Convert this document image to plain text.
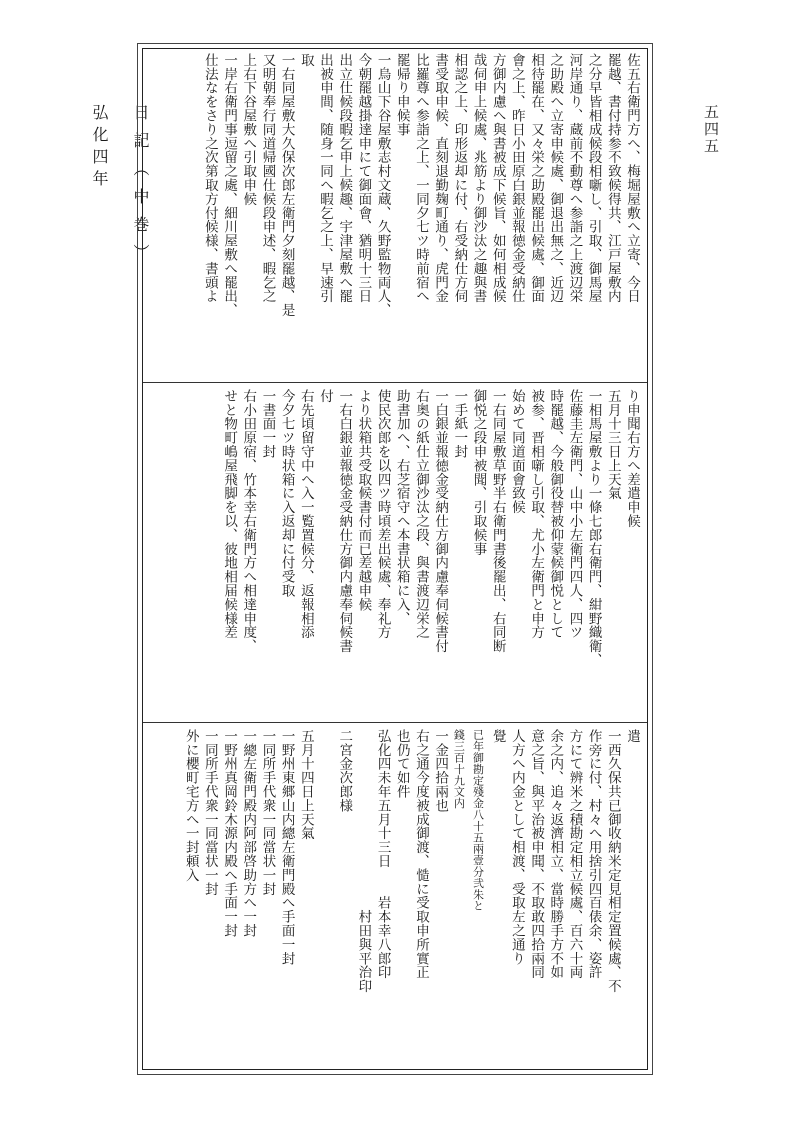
日記（中巻）
弘化四年	五四五
佐五右衛門方へ、梅堀屋敷へ立寄、今日
罷越、書付持参不致候得共、江戸屋敷内
之分早皆相成候段相噺し、引取、御馬屋
河岸通り、蔵前不動尊へ参詣之上渡辺栄
之助殿へ立寄申候處、御退出無之、近辺
相待罷在、又々栄之助殿罷出候處、御面
會之上、昨日小田原白銀並報徳金受納仕
方御内慮へ與書被成下候旨、如何相成候
哉伺申上候處、兆筋より御沙汰之趣與書
相認之上、印形返却に付、右受納仕方伺
書受取申候、直刻退勤麹町通り、虎門金
比羅尊へ参詣之上、一同夕七ツ時前宿へ
罷帰り申候事
一烏山下谷屋敷志村文蔵、久野監物両人、
今朝罷越掛達申にて御面會、猶明十三日
出立仕候段暇乞申上候趣、宇津屋敷へ罷
出被申間、随身一同へ暇乞之上、早速引
取
一右同屋敷大久保次郎左衛門夕刻罷越、是
又明朝奉行同道帰國仕候段申述、暇乞之
上右下谷屋敷へ引取申候
一岸右衛門事逗留之處、細川屋敷へ罷出、
仕法なをさり之次第取方付候様、書頭よ
り申聞右方へ差遣申候
五月十三日上天氣
一相馬屋敷より一條七郎右衛門、紺野織衛、
佐藤圭左衛門、山中小左衛門四人、四ツ
時罷越、今般御役替被仰蒙候御悦として
被参、晋相噺し引取、尤小左衛門と申方
始めて同道面會致候
一右同屋敷草野半右衛門書後罷出、右同断
御悦之段申被聞、引取候事
一手紙一封
一白銀並報徳金受納仕方御内慮奉伺候書付
右奥の紙仕立御沙汰之段、與書渡辺栄之
助書加へ、右芝宿守へ本書状箱に入、
使民次郎を以四ツ時頃差出候處、奉礼方
より状箱共受取候書付而已差越申候
一右白銀並報徳金受納仕方御内慮奉伺候書
付
右先頃留守中へ入一覧置候分、返報相添
今夕七ツ時状箱に入返却に付受取
一書面一封
右小田原宿、竹本幸右衛門方へ相達申度、
せと物町嶋屋飛脚を以、彼地相届候様差
遣
一西久保共已御收納米定見相定置候處、不
作旁に付、村々へ用捨引四百俵余、姿許
方にて辨米之積勘定相立候處、百六十両
余之内、追々返濟相立、當時勝手方不如
意之旨、與平治被申聞、不取敢四拾兩同
人方へ内金として相渡、受取左之通り
覺
已年御勘定殘金八十五兩壹分弐朱と
錢三百十九文内
一金四拾兩也
右之通今度被成御渡、慥に受取申所實正
也仍て如件
弘化四未年五月十三日　　岩本幸八郎印
　　　　　　　　　　　　　村田與平治印
二宮金次郎様
五月十四日上天氣
一野州東郷山内總左衛門殿へ手面一封
一同所手代衆一同當状一封
一總左衛門殿内阿部啓助方へ一封
一野州真岡鈴木源内殿へ手面一封
一同所手代衆一同當状一封
外に櫻町宅方へ一封頼入
